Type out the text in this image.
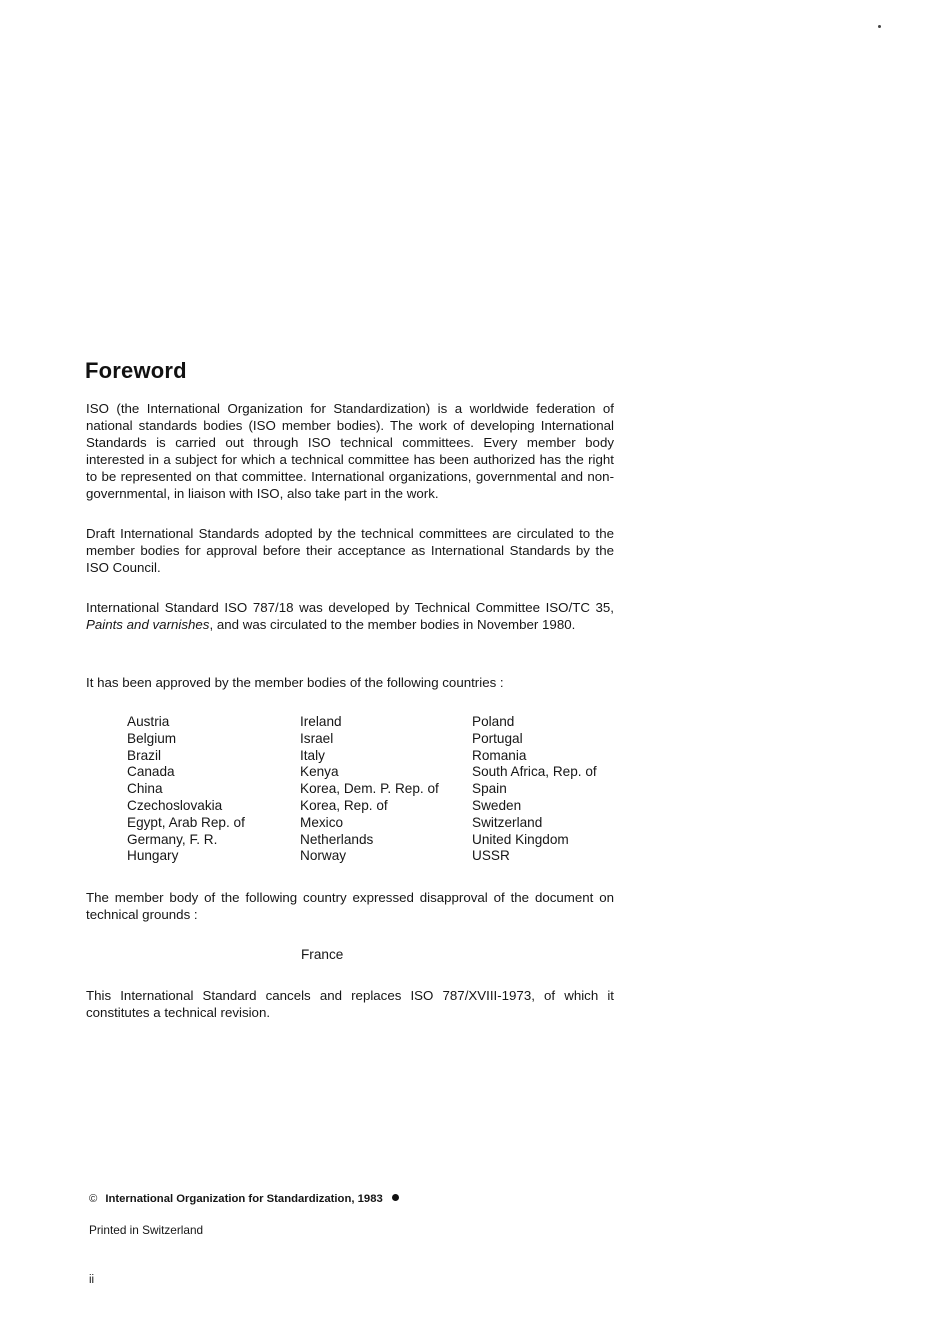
Foreword

ISO (the International Organization for Standardization) is a worldwide federation of national standards bodies (ISO member bodies). The work of developing International Standards is carried out through ISO technical committees. Every member body interested in a subject for which a technical committee has been authorized has the right to be represented on that committee. International organizations, governmental and non-governmental, in liaison with ISO, also take part in the work.

Draft International Standards adopted by the technical committees are circulated to the member bodies for approval before their acceptance as International Standards by the ISO Council.

International Standard ISO 787/18 was developed by Technical Committee ISO/TC 35, Paints and varnishes, and was circulated to the member bodies in November 1980.

It has been approved by the member bodies of the following countries :

Austria
Belgium
Brazil
Canada
China
Czechoslovakia
Egypt, Arab Rep. of
Germany, F. R.
Hungary
Ireland
Israel
Italy
Kenya
Korea, Dem. P. Rep. of
Korea, Rep. of
Mexico
Netherlands
Norway
Poland
Portugal
Romania
South Africa, Rep. of
Spain
Sweden
Switzerland
United Kingdom
USSR

The member body of the following country expressed disapproval of the document on technical grounds :

France

This International Standard cancels and replaces ISO 787/XVIII-1973, of which it constitutes a technical revision.

© International Organization for Standardization, 1983
Printed in Switzerland
ii
